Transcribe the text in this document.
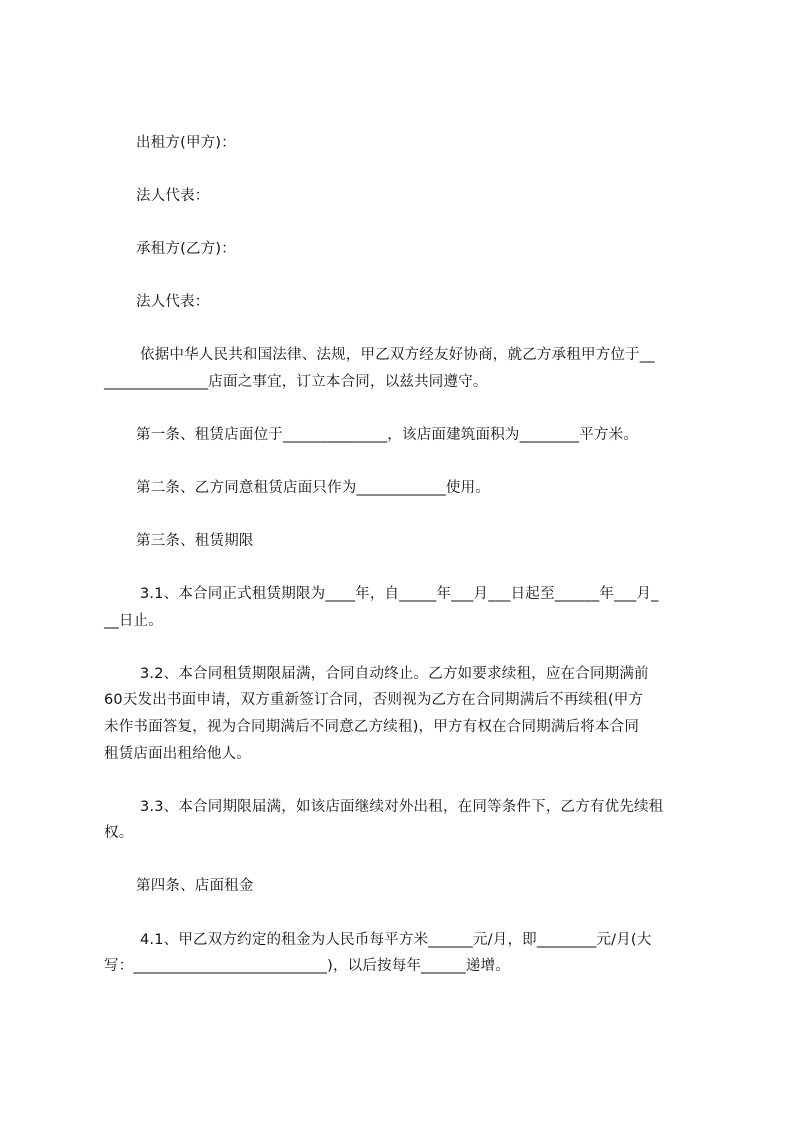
出租方(甲方)：
法人代表：
承租方(乙方)：
法人代表：
依据中华人民共和国法律、法规，甲乙双方经友好协商，就乙方承租甲方位于__
______________店面之事宜，订立本合同，以兹共同遵守。
第一条、租赁店面位于______________，该店面建筑面积为________平方米。
第二条、乙方同意租赁店面只作为____________使用。
第三条、租赁期限
3.1、本合同正式租赁期限为____年，自_____年___月___日起至______年___月_
__日止。
3.2、本合同租赁期限届满，合同自动终止。乙方如要求续租，应在合同期满前
60天发出书面申请，双方重新签订合同，否则视为乙方在合同期满后不再续租(甲方
未作书面答复，视为合同期满后不同意乙方续租)，甲方有权在合同期满后将本合同
租赁店面出租给他人。
3.3、本合同期限届满，如该店面继续对外出租，在同等条件下，乙方有优先续租
权。
第四条、店面租金
4.1、甲乙双方约定的租金为人民币每平方米______元/月，即________元/月(大
写：__________________________)，以后按每年______递增。
